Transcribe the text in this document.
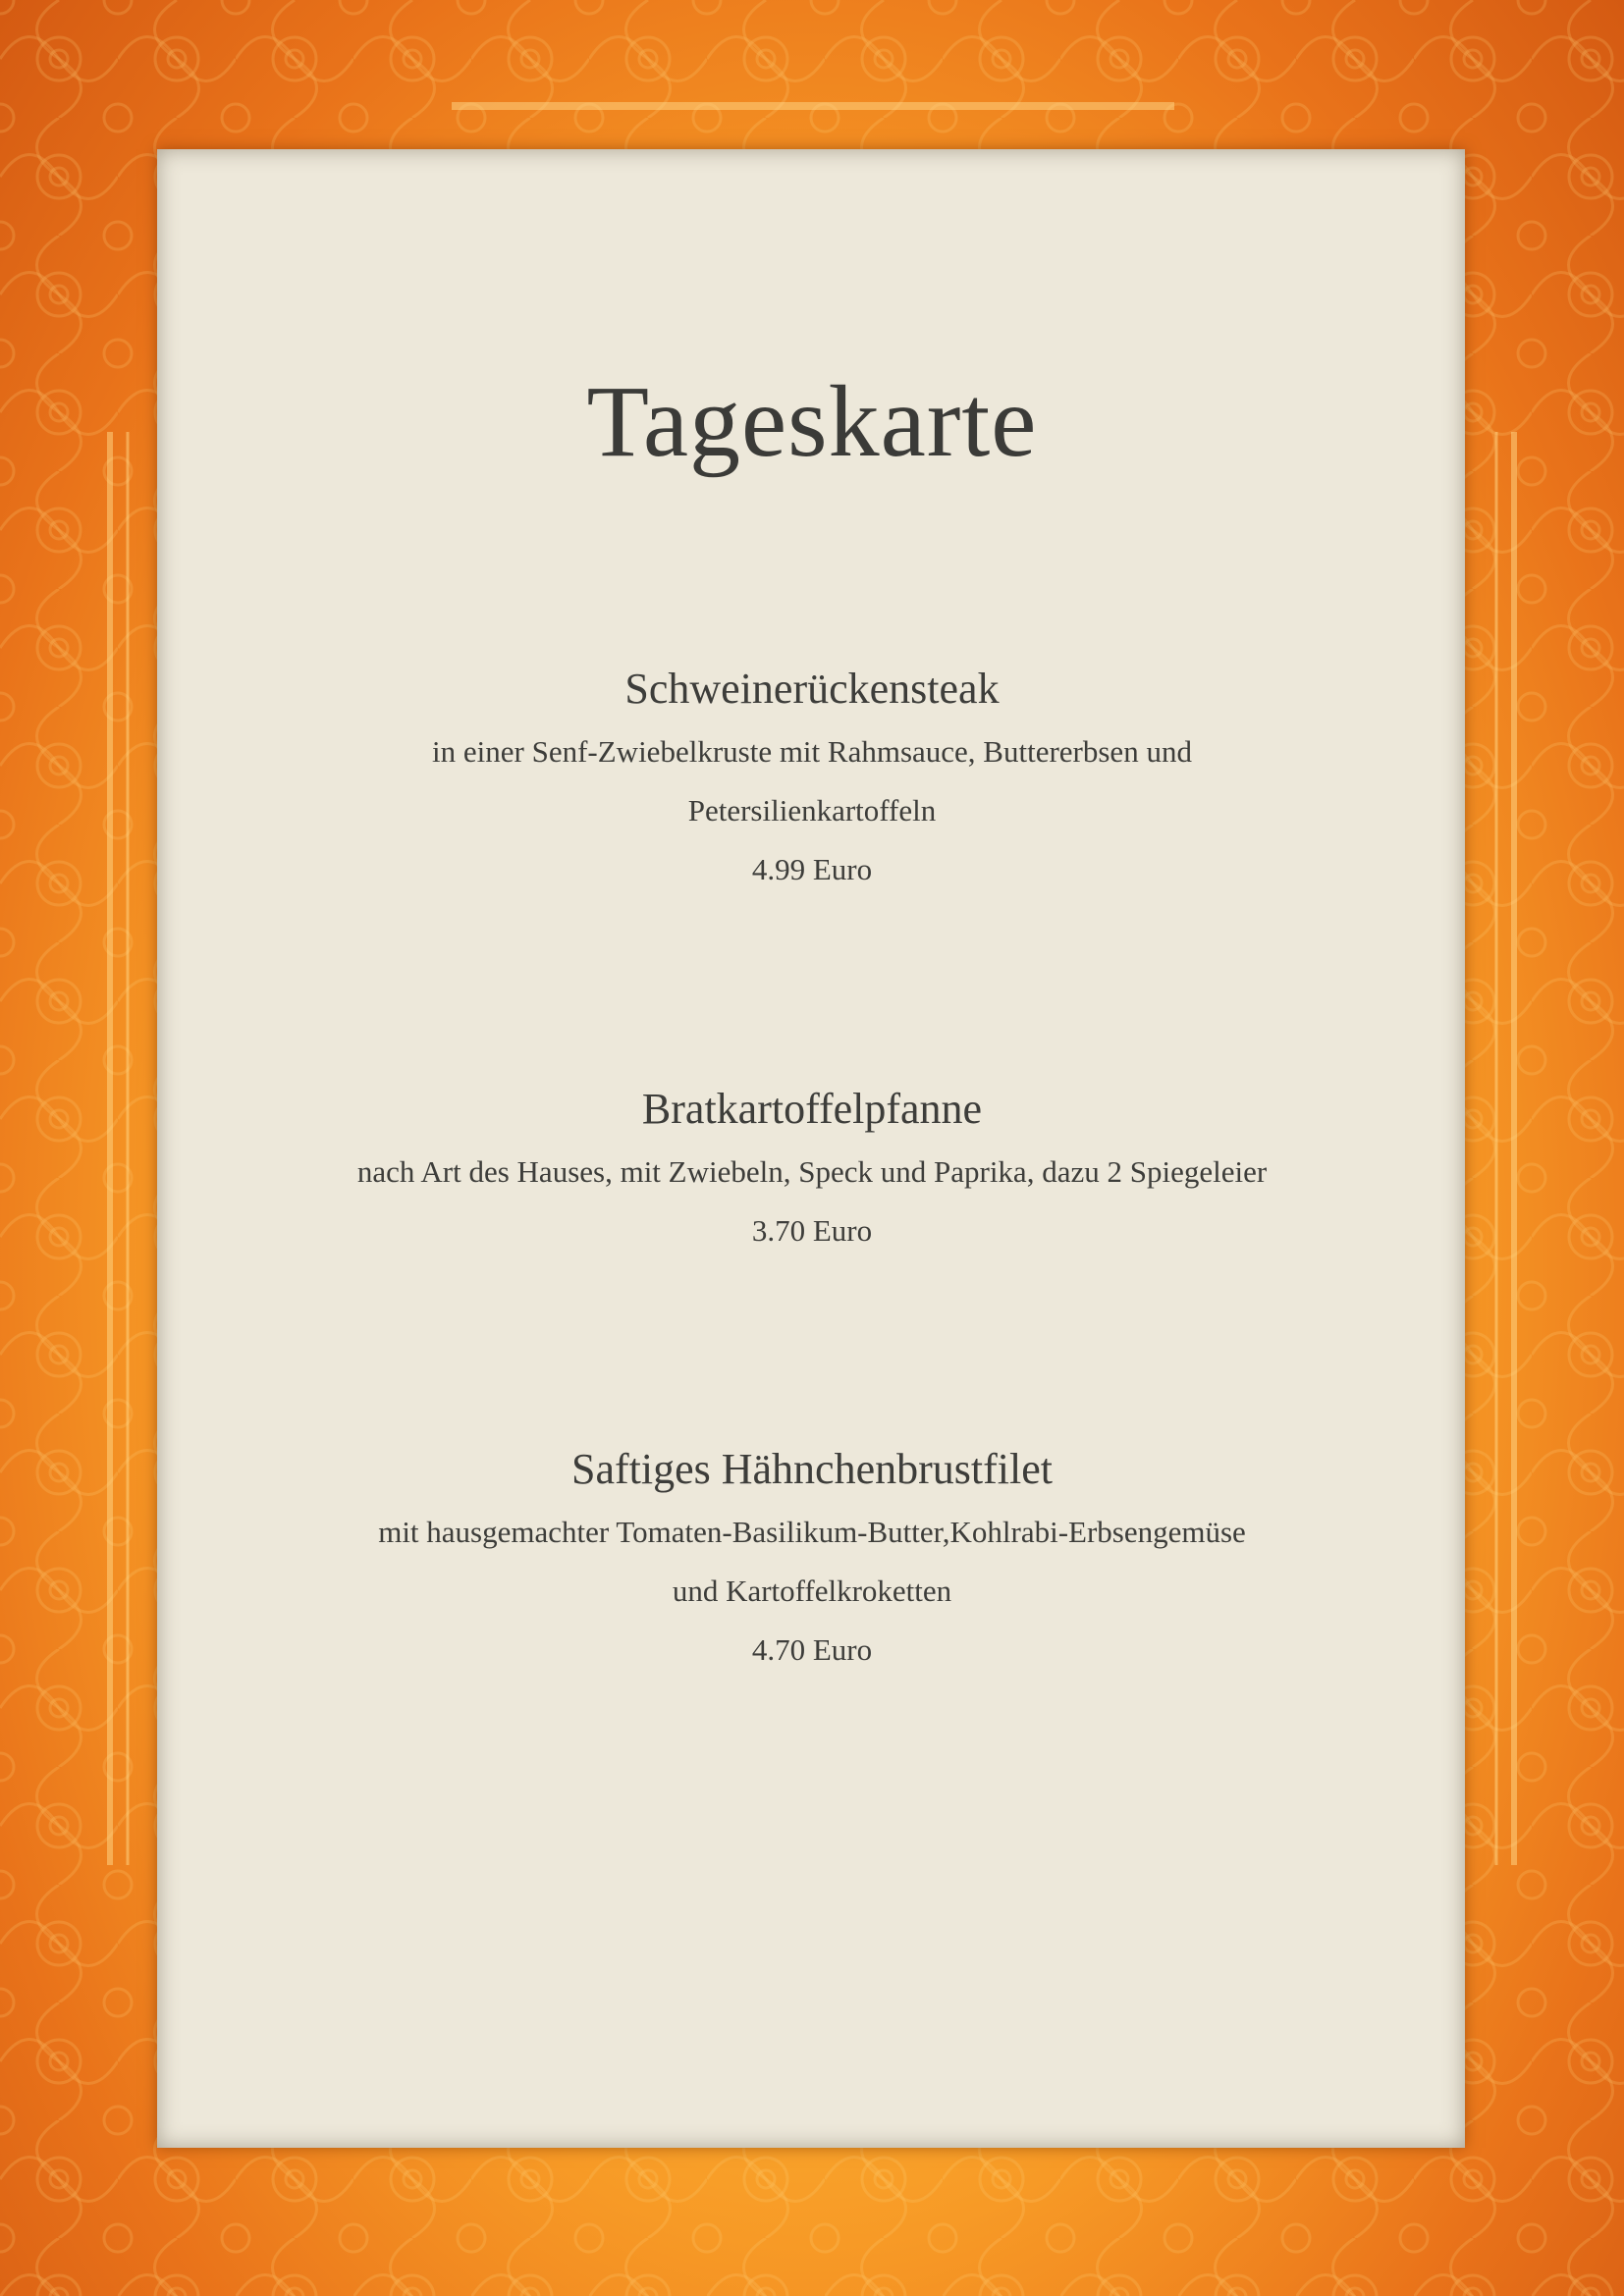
Tageskarte
Schweinerückensteak
in einer Senf-Zwiebelkruste mit Rahmsauce, Buttererbsen und
Petersilienkartoffeln
4.99 Euro
Bratkartoffelpfanne
nach Art des Hauses, mit Zwiebeln, Speck und Paprika, dazu 2 Spiegeleier
3.70 Euro
Saftiges Hähnchenbrustfilet
mit hausgemachter Tomaten-Basilikum-Butter,Kohlrabi-Erbsengemüse
und Kartoffelkroketten
4.70 Euro
